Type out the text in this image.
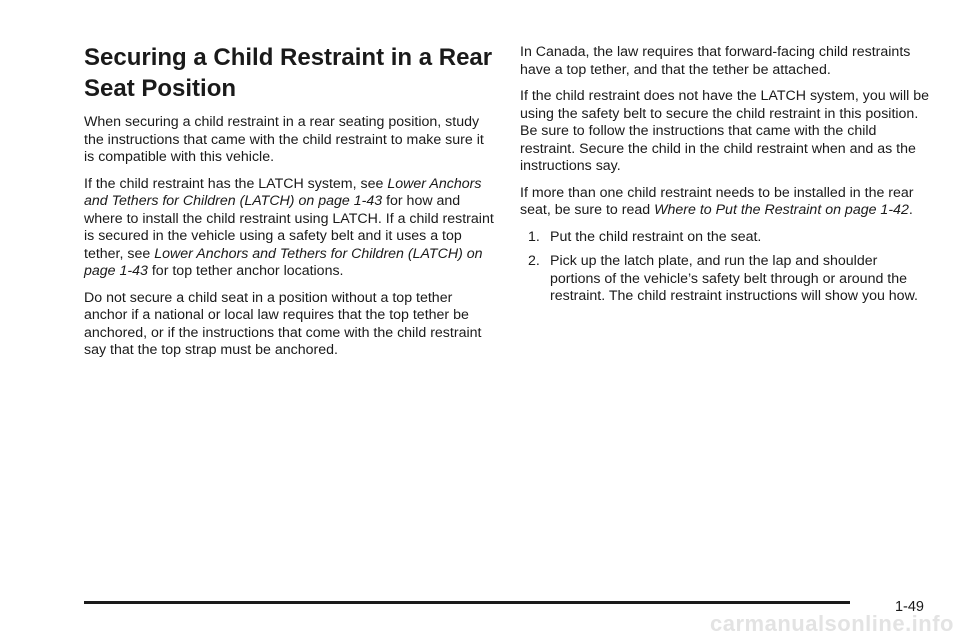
Securing a Child Restraint in a Rear Seat Position

When securing a child restraint in a rear seating position, study the instructions that came with the child restraint to make sure it is compatible with this vehicle.

If the child restraint has the LATCH system, see Lower Anchors and Tethers for Children (LATCH) on page 1-43 for how and where to install the child restraint using LATCH. If a child restraint is secured in the vehicle using a safety belt and it uses a top tether, see Lower Anchors and Tethers for Children (LATCH) on page 1-43 for top tether anchor locations.

Do not secure a child seat in a position without a top tether anchor if a national or local law requires that the top tether be anchored, or if the instructions that come with the child restraint say that the top strap must be anchored.

In Canada, the law requires that forward-facing child restraints have a top tether, and that the tether be attached.

If the child restraint does not have the LATCH system, you will be using the safety belt to secure the child restraint in this position. Be sure to follow the instructions that came with the child restraint. Secure the child in the child restraint when and as the instructions say.

If more than one child restraint needs to be installed in the rear seat, be sure to read Where to Put the Restraint on page 1-42.

1. Put the child restraint on the seat.
2. Pick up the latch plate, and run the lap and shoulder portions of the vehicle’s safety belt through or around the restraint. The child restraint instructions will show you how.
1-49
carmanualsonline.info
